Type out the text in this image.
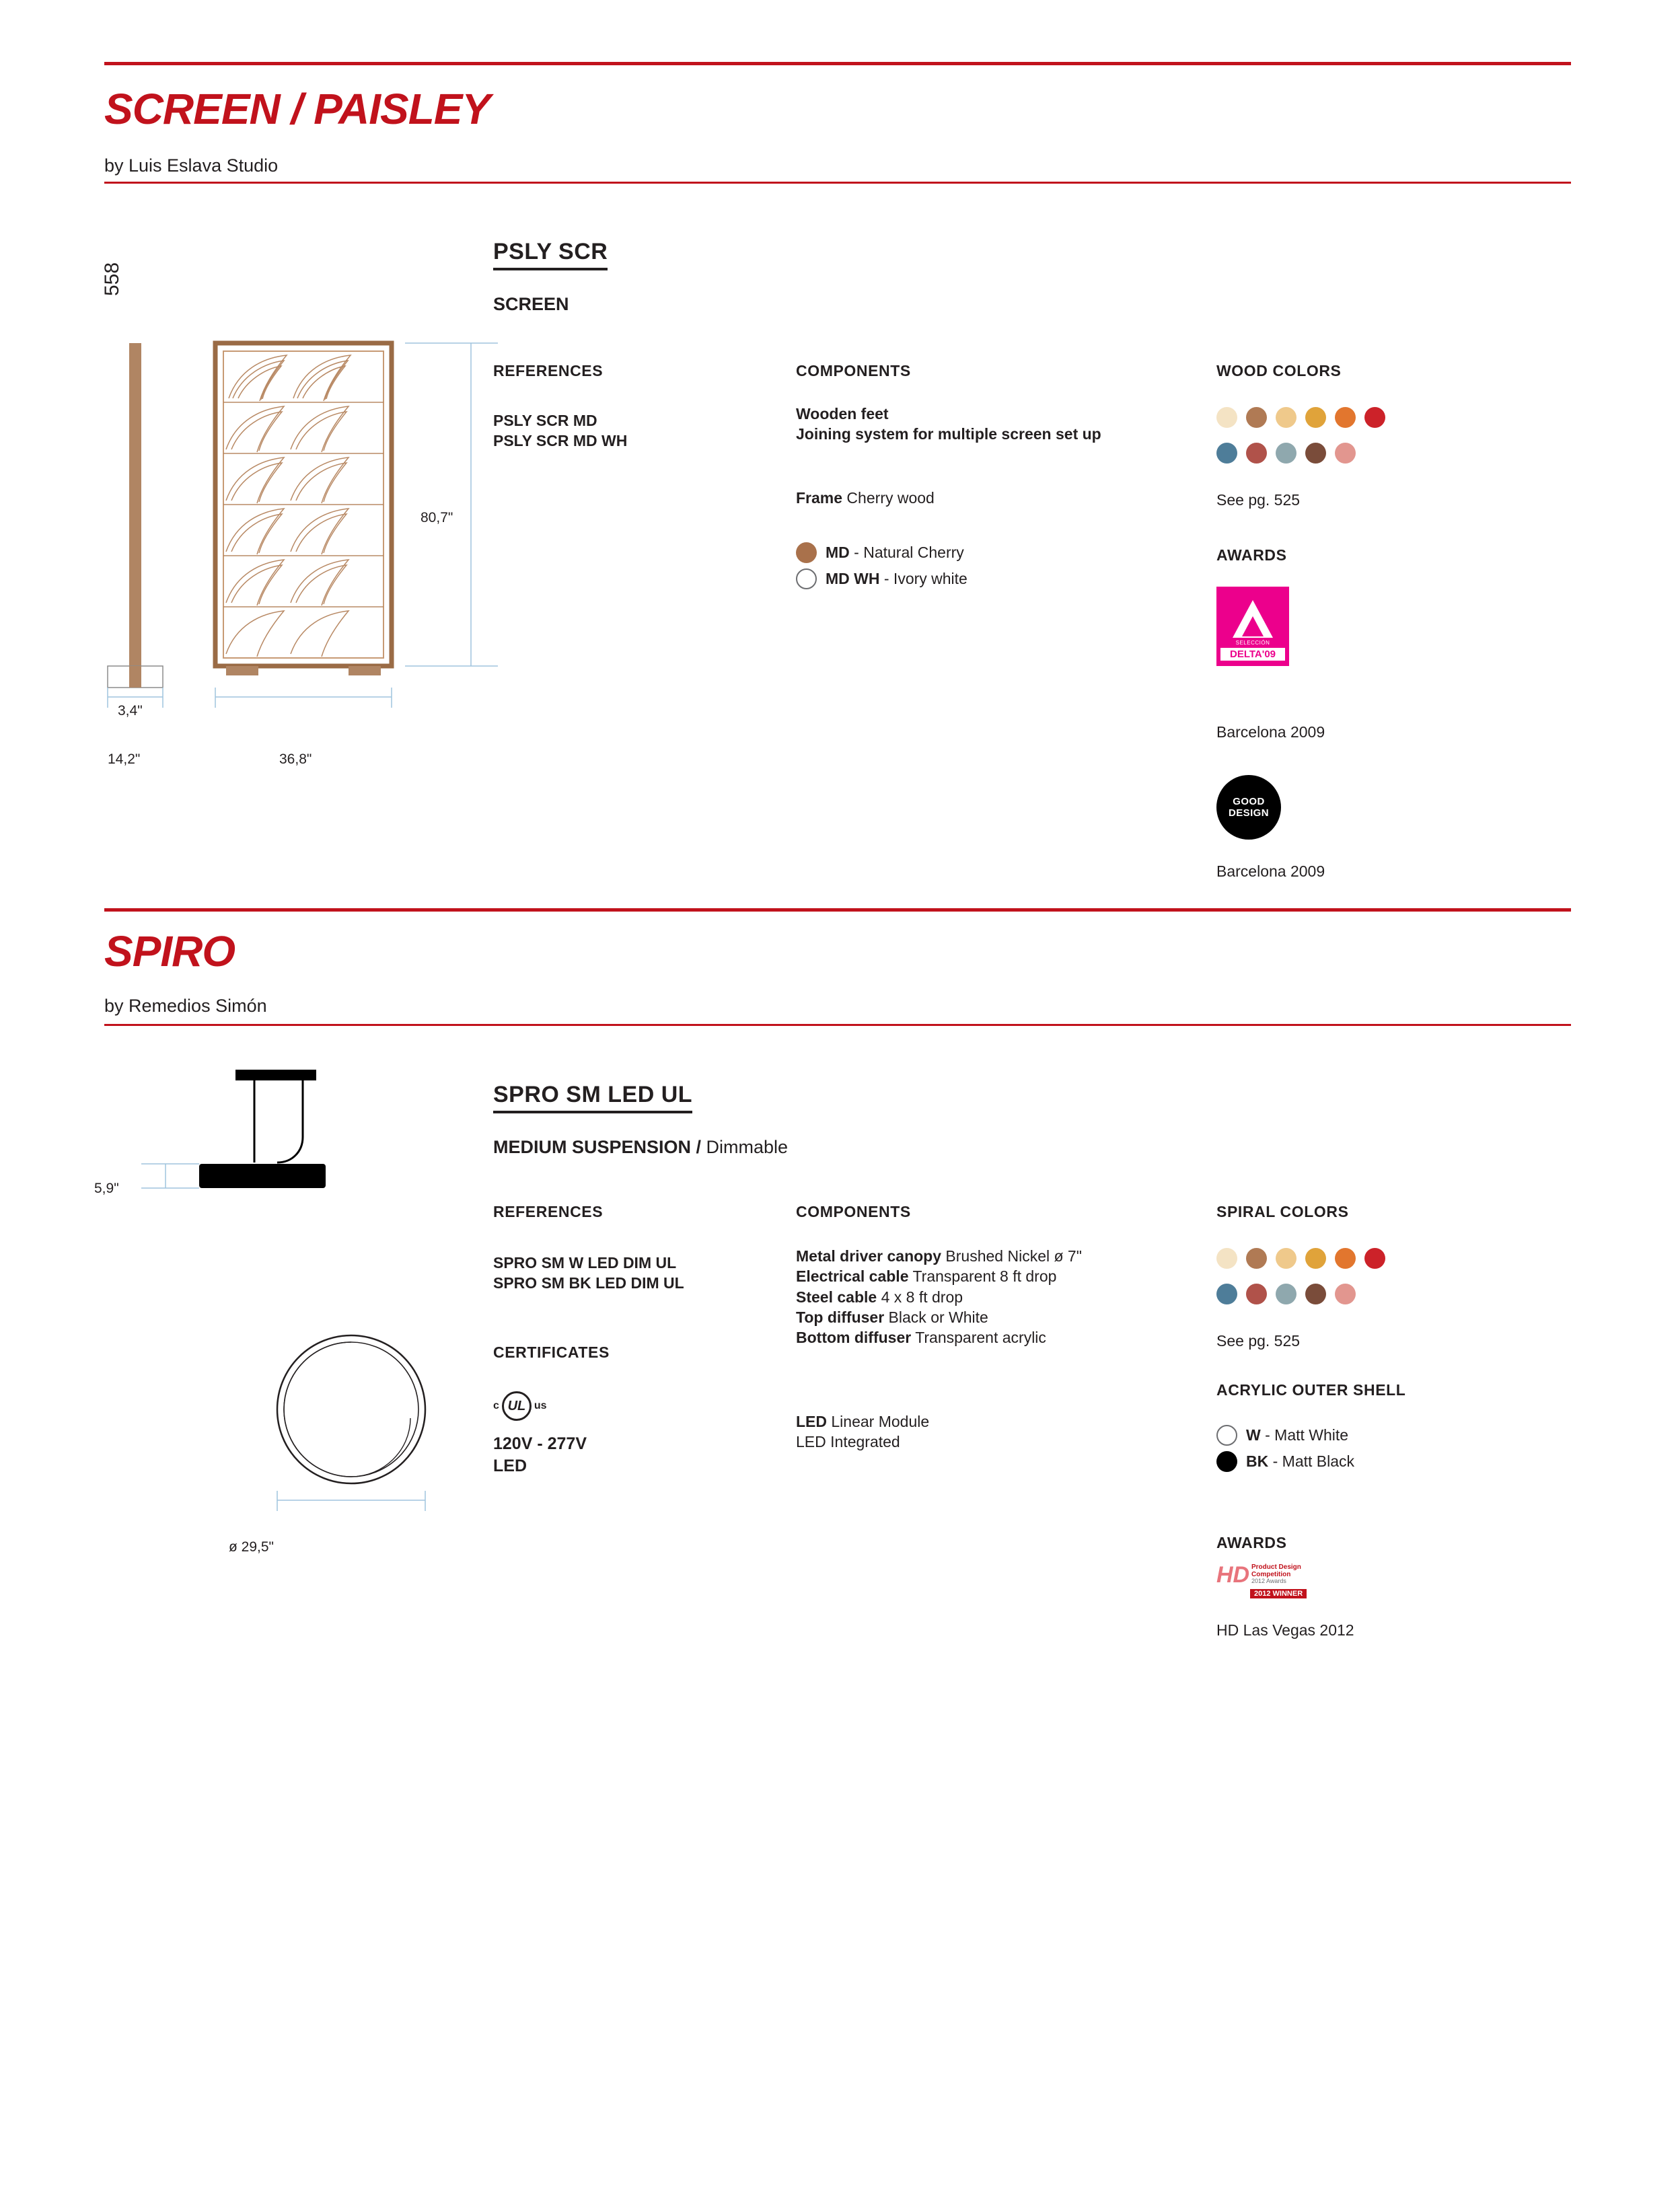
SCREEN / PAISLEY
by Luis Eslava Studio
558
80,7"
3,4"
14,2"	36,8"
PSLY SCR
SCREEN
REFERENCES
PSLY SCR MD
PSLY SCR MD WH
COMPONENTS
Wooden feet
Joining system for multiple screen set up
Frame Cherry wood
MD - Natural Cherry
MD WH - Ivory white
WOOD COLORS
See pg. 525
AWARDS
SELECCIÓN
DELTA'09
Barcelona 2009
GOOD
DESIGN
Barcelona 2009
SPIRO
by Remedios Simón
5,9"
ø 29,5"
SPRO SM LED UL
MEDIUM SUSPENSION / Dimmable
REFERENCES
SPRO SM W LED DIM UL
SPRO SM BK LED DIM UL
CERTIFICATES
c UL us
120V - 277V
LED
COMPONENTS
Metal driver canopy Brushed Nickel ø 7"
Electrical cable Transparent 8 ft drop
Steel cable 4 x 8 ft drop
Top diffuser Black or White
Bottom diffuser Transparent acrylic
LED Linear Module
LED Integrated
SPIRAL COLORS
See pg. 525
ACRYLIC OUTER SHELL
W - Matt White
BK - Matt Black
AWARDS
HD Product Design
Competition
2012 Awards
2012 WINNER
HD Las Vegas 2012
